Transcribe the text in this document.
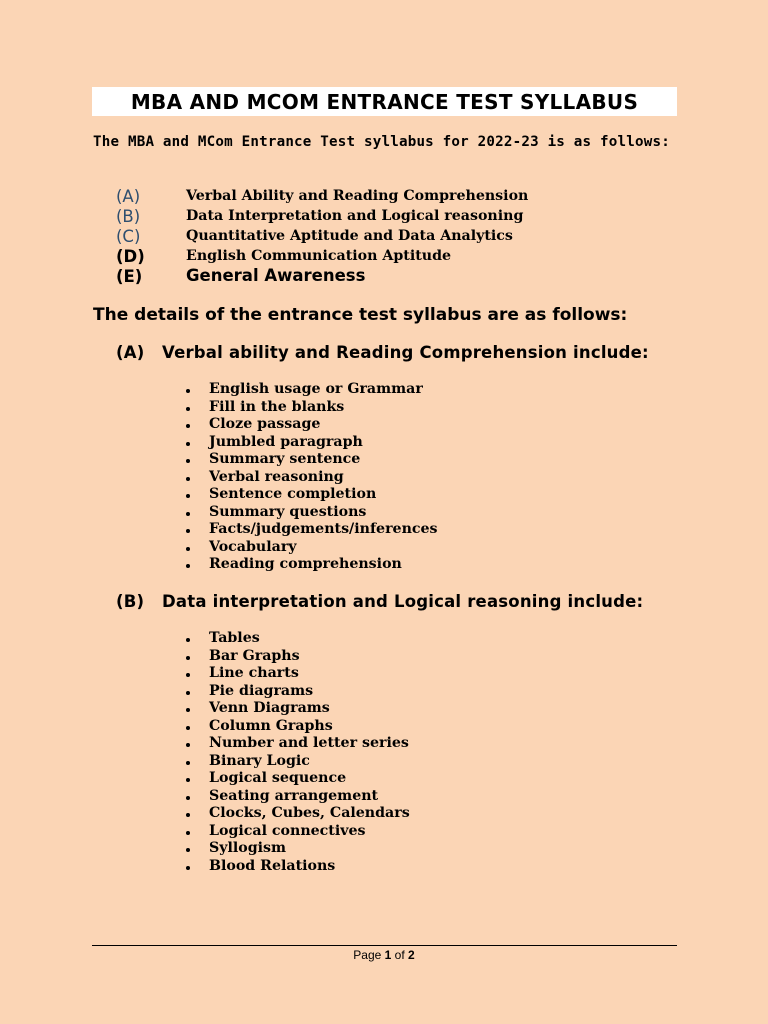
MBA AND MCOM ENTRANCE TEST SYLLABUS
The MBA and MCom Entrance Test syllabus for 2022-23 is as follows:
(A)	Verbal Ability and Reading Comprehension
(B)	Data Interpretation and Logical reasoning
(C)	Quantitative Aptitude and Data Analytics
(D)	English Communication Aptitude
(E)	General Awareness
The details of the entrance test syllabus are as follows:
(A) Verbal ability and Reading Comprehension include:
English usage or Grammar
Fill in the blanks
Cloze passage
Jumbled paragraph
Summary sentence
Verbal reasoning
Sentence completion
Summary questions
Facts/judgements/inferences
Vocabulary
Reading comprehension
(B) Data interpretation and Logical reasoning include:
Tables
Bar Graphs
Line charts
Pie diagrams
Venn Diagrams
Column Graphs
Number and letter series
Binary Logic
Logical sequence
Seating arrangement
Clocks, Cubes, Calendars
Logical connectives
Syllogism
Blood Relations
Page 1 of 2
